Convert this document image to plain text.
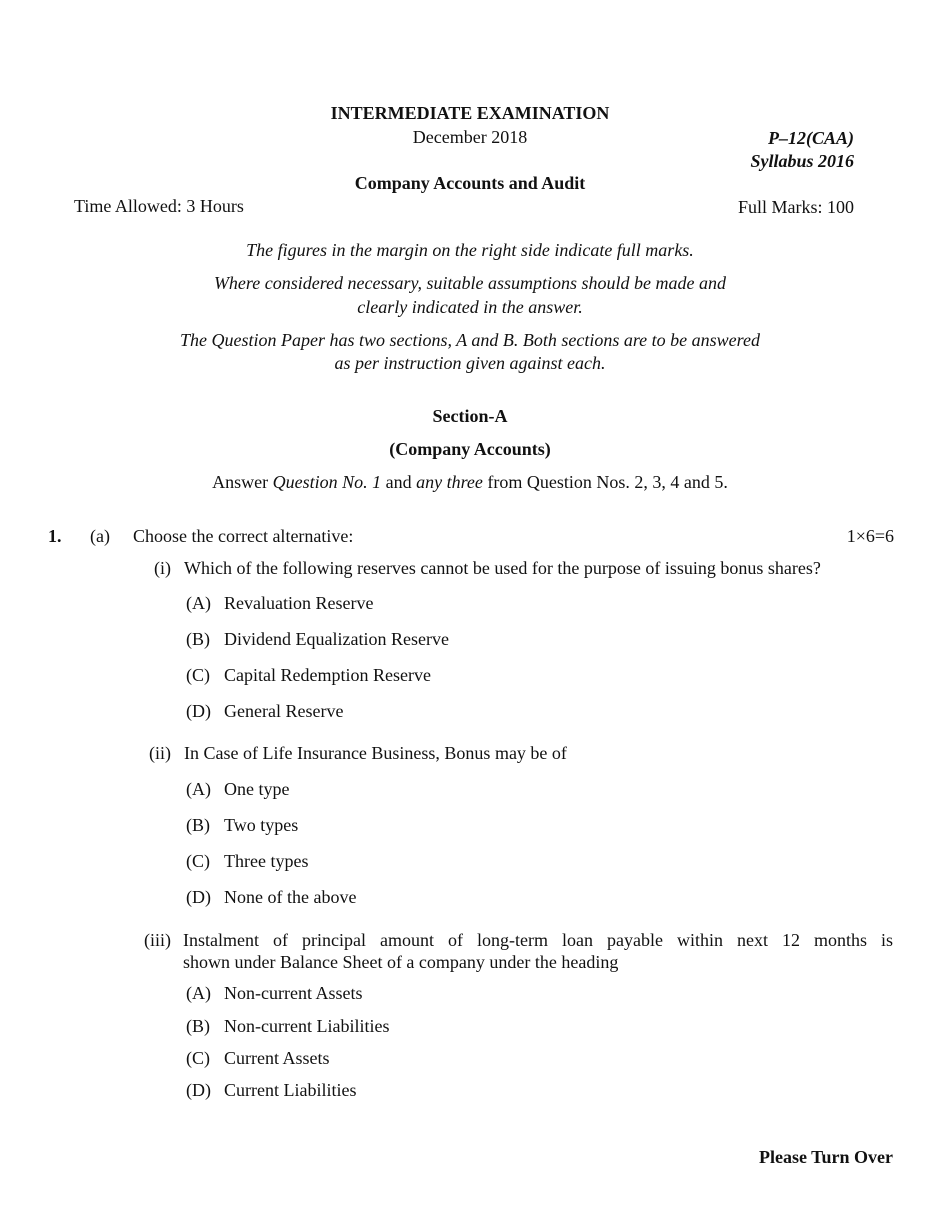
INTERMEDIATE EXAMINATION
December 2018	P–12(CAA)
Syllabus 2016
Company Accounts and Audit
Time Allowed: 3 Hours	Full Marks: 100
The figures in the margin on the right side indicate full marks.
Where considered necessary, suitable assumptions should be made and
clearly indicated in the answer.
The Question Paper has two sections, A and B. Both sections are to be answered
as per instruction given against each.
Section-A
(Company Accounts)
Answer Question No. 1 and any three from Question Nos. 2, 3, 4 and 5.
1. (a) Choose the correct alternative:	1×6=6
(i) Which of the following reserves cannot be used for the purpose of issuing bonus shares?
(A) Revaluation Reserve
(B) Dividend Equalization Reserve
(C) Capital Redemption Reserve
(D) General Reserve
(ii) In Case of Life Insurance Business, Bonus may be of
(A) One type
(B) Two types
(C) Three types
(D) None of the above
(iii) Instalment of principal amount of long-term loan payable within next 12 months is
shown under Balance Sheet of a company under the heading
(A) Non-current Assets
(B) Non-current Liabilities
(C) Current Assets
(D) Current Liabilities
Please Turn Over
